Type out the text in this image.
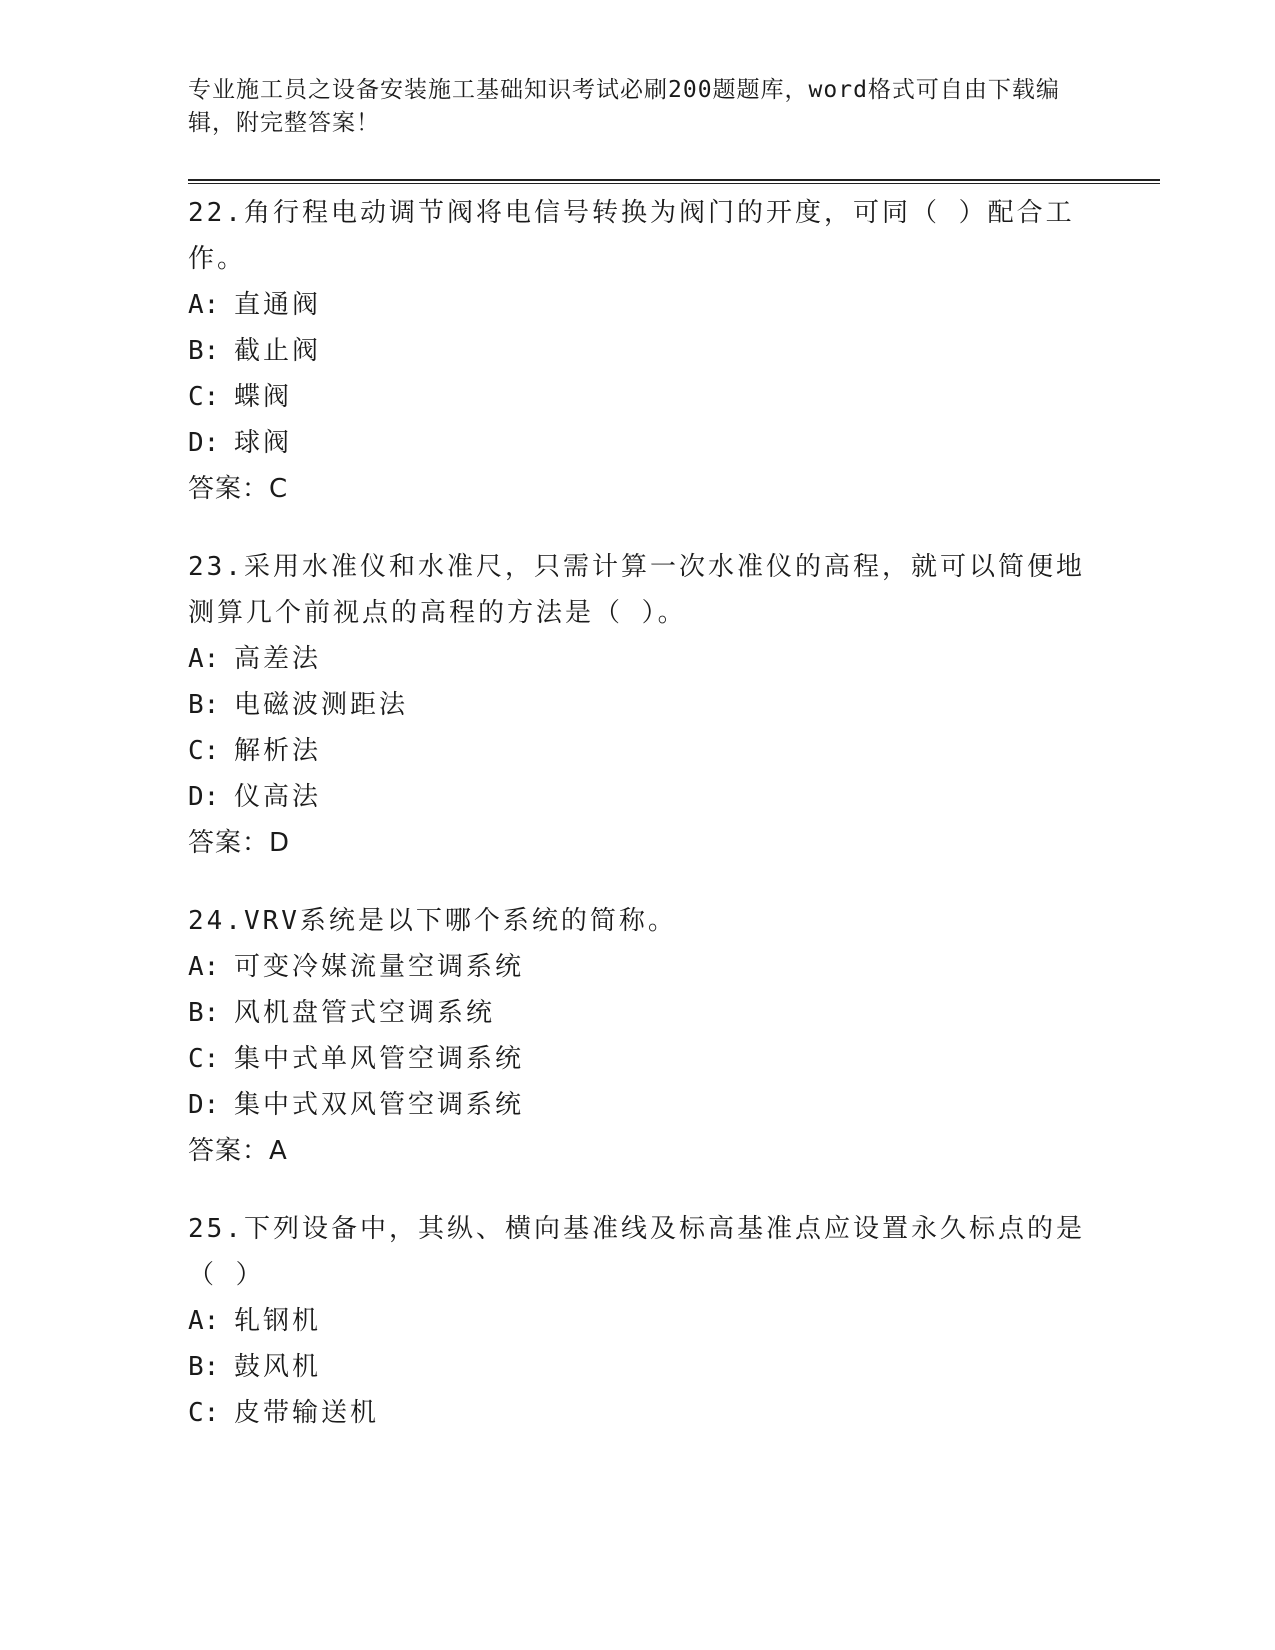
专业施工员之设备安装施工基础知识考试必刷200题题库，word格式可自由下载编辑，附完整答案！
22.角行程电动调节阀将电信号转换为阀门的开度，可同（ ）配合工作。
A: 直通阀
B: 截止阀
C: 蝶阀
D: 球阀
答案：C
23.采用水准仪和水准尺，只需计算一次水准仪的高程，就可以简便地测算几个前视点的高程的方法是（ ）。
A: 高差法
B: 电磁波测距法
C: 解析法
D: 仪高法
答案：D
24.VRV系统是以下哪个系统的简称。
A: 可变冷媒流量空调系统
B: 风机盘管式空调系统
C: 集中式单风管空调系统
D: 集中式双风管空调系统
答案：A
25.下列设备中，其纵、横向基准线及标高基准点应设置永久标点的是（ ）
A: 轧钢机
B: 鼓风机
C: 皮带输送机
